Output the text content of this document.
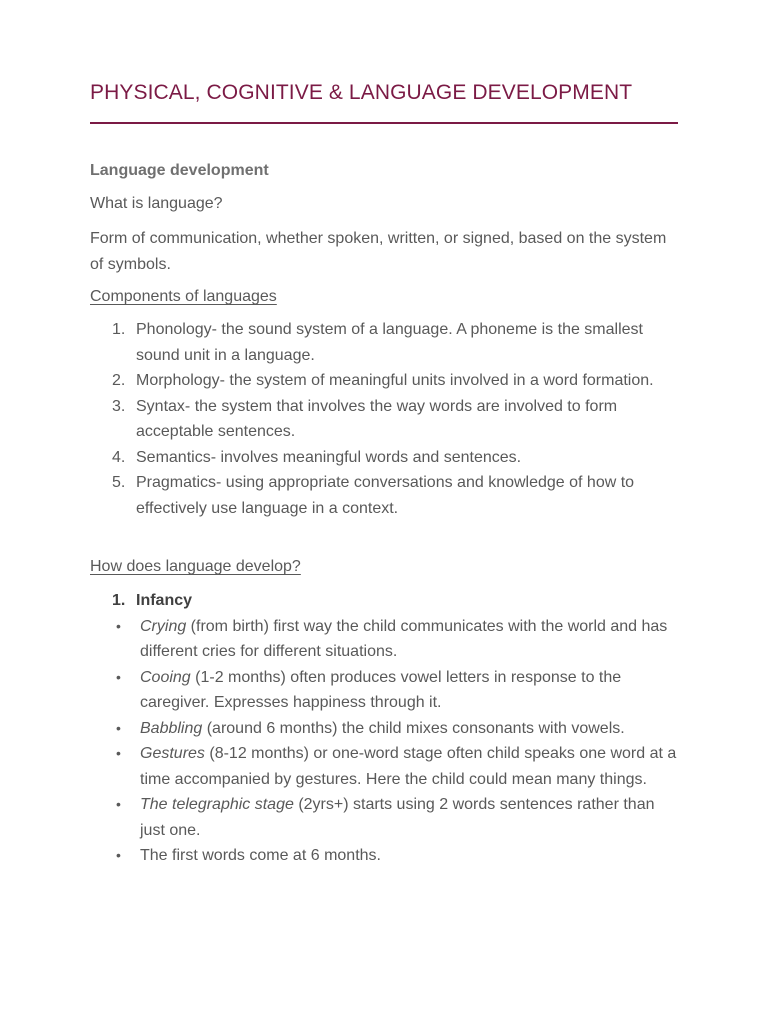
PHYSICAL, COGNITIVE & LANGUAGE DEVELOPMENT
Language development
What is language?
Form of communication, whether spoken, written, or signed, based on the system of symbols.
Components of languages
1. Phonology- the sound system of a language. A phoneme is the smallest sound unit in a language.
2. Morphology- the system of meaningful units involved in a word formation.
3. Syntax- the system that involves the way words are involved to form acceptable sentences.
4. Semantics- involves meaningful words and sentences.
5. Pragmatics- using appropriate conversations and knowledge of how to effectively use language in a context.
How does language develop?
1. Infancy
• Crying (from birth) first way the child communicates with the world and has different cries for different situations.
• Cooing (1-2 months) often produces vowel letters in response to the caregiver. Expresses happiness through it.
• Babbling (around 6 months) the child mixes consonants with vowels.
• Gestures (8-12 months) or one-word stage often child speaks one word at a time accompanied by gestures. Here the child could mean many things.
• The telegraphic stage (2yrs+) starts using 2 words sentences rather than just one.
• The first words come at 6 months.
